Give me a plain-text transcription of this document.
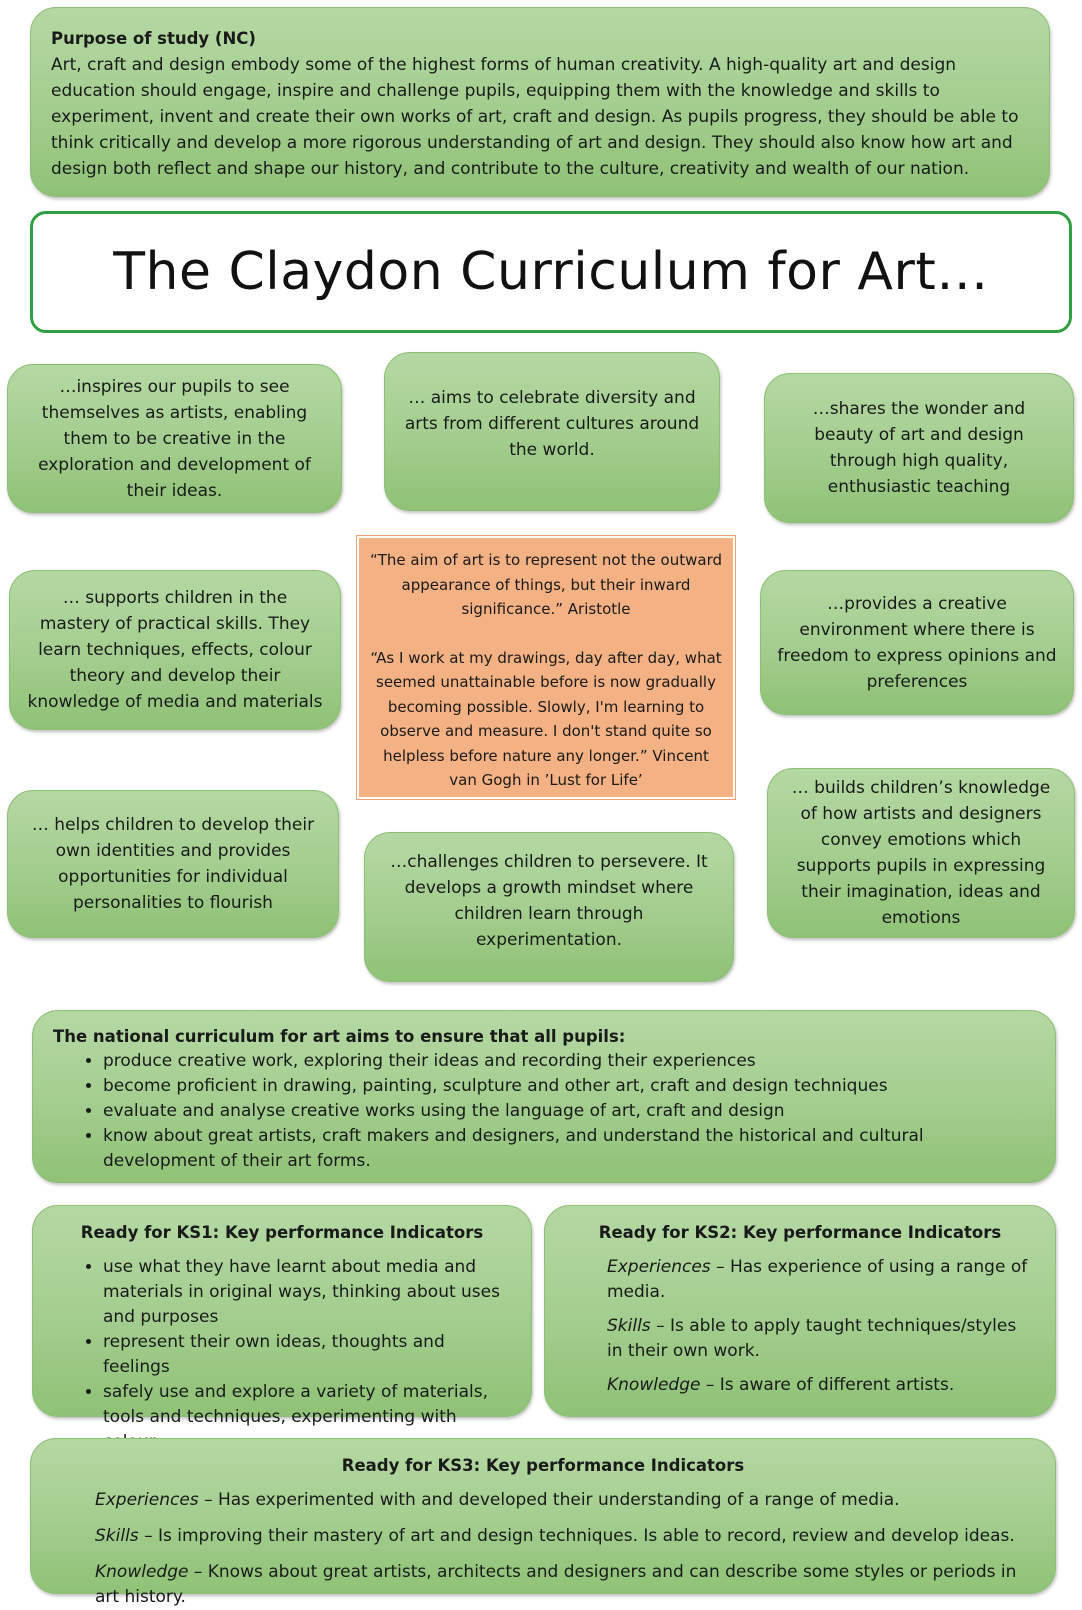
Purpose of study (NC)
Art, craft and design embody some of the highest forms of human creativity. A high-quality art and design education should engage, inspire and challenge pupils, equipping them with the knowledge and skills to experiment, invent and create their own works of art, craft and design. As pupils progress, they should be able to think critically and develop a more rigorous understanding of art and design. They should also know how art and design both reflect and shape our history, and contribute to the culture, creativity and wealth of our nation.
The Claydon Curriculum for Art…
…inspires our pupils to see themselves as artists, enabling them to be creative in the exploration and development of their ideas.
… aims to celebrate diversity and arts from different cultures around the world.
…shares the wonder and beauty of art and design through high quality, enthusiastic teaching
… supports children in the mastery of practical skills. They learn techniques, effects, colour theory and develop their knowledge of media and materials

“The aim of art is to represent not the outward appearance of things, but their inward significance.” Aristotle

“As I work at my drawings, day after day, what seemed unattainable before is now gradually becoming possible. Slowly, I'm learning to observe and measure. I don't stand quite so helpless before nature any longer.” Vincent van Gogh in ’Lust for Life’

…provides a creative environment where there is freedom to express opinions and preferences
… helps children to develop their own identities and provides opportunities for individual personalities to flourish
…challenges children to persevere. It develops a growth mindset where children learn through experimentation.
… builds children’s knowledge of how artists and designers convey emotions which supports pupils in expressing their imagination, ideas and emotions
The national curriculum for art aims to ensure that all pupils:
• produce creative work, exploring their ideas and recording their experiences
• become proficient in drawing, painting, sculpture and other art, craft and design techniques
• evaluate and analyse creative works using the language of art, craft and design
• know about great artists, craft makers and designers, and understand the historical and cultural development of their art forms.
Ready for KS1: Key performance Indicators
• use what they have learnt about media and materials in original ways, thinking about uses and purposes
• represent their own ideas, thoughts and feelings
• safely use and explore a variety of materials, tools and techniques, experimenting with
Ready for KS2: Key performance Indicators

Experiences – Has experience of using a range of media.

Skills – Is able to apply taught techniques/styles in their own work.

Knowledge – Is aware of different artists.

Ready for KS3: Key performance Indicators

Experiences – Has experimented with and developed their understanding of a range of media.

Skills – Is improving their mastery of art and design techniques. Is able to record, review and develop ideas.

Knowledge – Knows about great artists, architects and designers and can describe some styles or periods in art history.
